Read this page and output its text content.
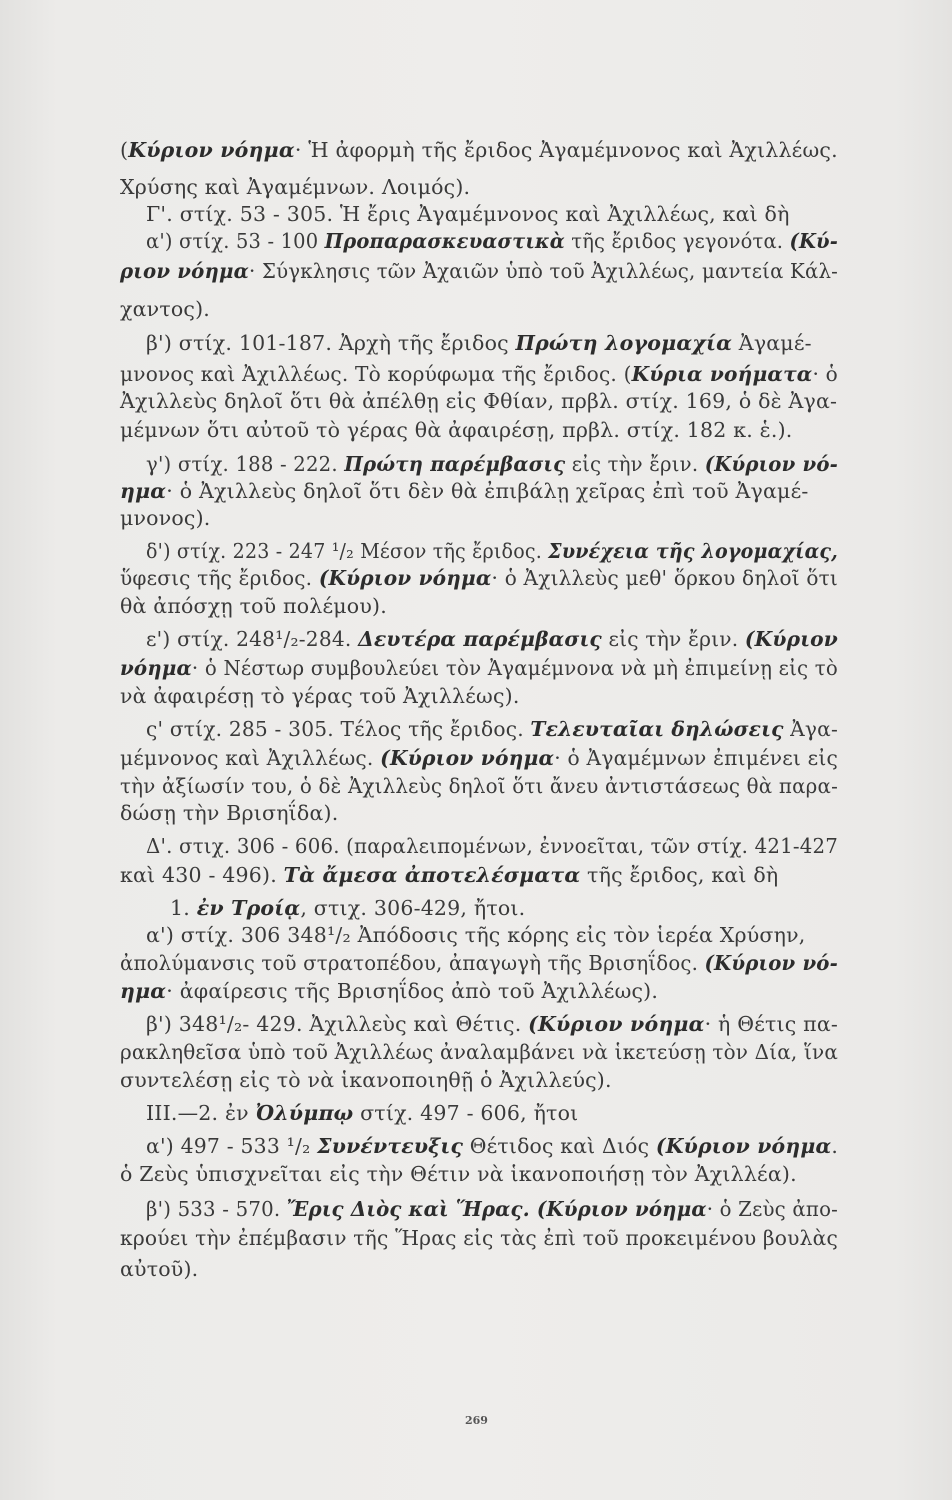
(Κύριον νόημα· Ἡ ἀφορμὴ τῆς ἔριδος Ἀγαμέμνονος καὶ Ἀχιλλέως.
Χρύσης καὶ Ἀγαμέμνων. Λοιμός).
Γ'. στίχ. 53 - 305. Ἡ ἔρις Ἀγαμέμνονος καὶ Ἀχιλλέως, καὶ δὴ
α') στίχ. 53 - 100 Προπαρασκευαστικὰ τῆς ἔριδος γεγονότα. (Κύ-
ριον νόημα· Σύγκλησις τῶν Ἀχαιῶν ὑπὸ τοῦ Ἀχιλλέως, μαντεία Κάλ-
χαντος).
β') στίχ. 101-187. Ἀρχὴ τῆς ἔριδος Πρώτη λογομαχία Ἀγαμέ-
μνονος καὶ Ἀχιλλέως. Τὸ κορύφωμα τῆς ἔριδος. (Κύρια νοήματα· ὁ
Ἀχιλλεὺς δηλοῖ ὅτι θὰ ἀπέλθῃ εἰς Φθίαν, πρβλ. στίχ. 169, ὁ δὲ Ἀγα-
μέμνων ὅτι αὐτοῦ τὸ γέρας θὰ ἀφαιρέσῃ, πρβλ. στίχ. 182 κ. ἑ.).
γ') στίχ. 188 - 222. Πρώτη παρέμβασις εἰς τὴν ἔριν. (Κύριον νό-
ημα· ὁ Ἀχιλλεὺς δηλοῖ ὅτι δὲν θὰ ἐπιβάλῃ χεῖρας ἐπὶ τοῦ Ἀγαμέ-
μνονος).
δ') στίχ. 223 - 247 ¹/₂ Μέσον τῆς ἔριδος. Συνέχεια τῆς λογομαχίας,
ὕφεσις τῆς ἔριδος. (Κύριον νόημα· ὁ Ἀχιλλεὺς μεθ' ὅρκου δηλοῖ ὅτι
θὰ ἀπόσχῃ τοῦ πολέμου).
ε') στίχ. 248¹/₂-284. Δευτέρα παρέμβασις εἰς τὴν ἔριν. (Κύριον
νόημα· ὁ Νέστωρ συμβουλεύει τὸν Ἀγαμέμνονα νὰ μὴ ἐπιμείνῃ εἰς τὸ
νὰ ἀφαιρέσῃ τὸ γέρας τοῦ Ἀχιλλέως).
ς' στίχ. 285 - 305. Τέλος τῆς ἔριδος. Τελευταῖαι δηλώσεις Ἀγα-
μέμνονος καὶ Ἀχιλλέως. (Κύριον νόημα· ὁ Ἀγαμέμνων ἐπιμένει εἰς
τὴν ἀξίωσίν του, ὁ δὲ Ἀχιλλεὺς δηλοῖ ὅτι ἄνευ ἀντιστάσεως θὰ παρα-
δώσῃ τὴν Βρισηΐδα).
Δ'. στιχ. 306 - 606. (παραλειπομένων, ἐννοεῖται, τῶν στίχ. 421-427
καὶ 430 - 496). Τὰ ἄμεσα ἀποτελέσματα τῆς ἔριδος, καὶ δὴ
1. ἐν Τροίᾳ, στιχ. 306-429, ἤτοι.
α') στίχ. 306 348¹/₂ Ἀπόδοσις τῆς κόρης εἰς τὸν ἱερέα Χρύσην,
ἀπολύμανσις τοῦ στρατοπέδου, ἀπαγωγὴ τῆς Βρισηΐδος. (Κύριον νό-
ημα· ἀφαίρεσις τῆς Βρισηΐδος ἀπὸ τοῦ Ἀχιλλέως).
β') 348¹/₂- 429. Ἀχιλλεὺς καὶ Θέτις. (Κύριον νόημα· ἡ Θέτις πα-
ρακληθεῖσα ὑπὸ τοῦ Ἀχιλλέως ἀναλαμβάνει νὰ ἱκετεύσῃ τὸν Δία, ἵνα
συντελέσῃ εἰς τὸ νὰ ἱκανοποιηθῇ ὁ Ἀχιλλεύς).
III.—2. ἐν Ὀλύμπῳ στίχ. 497 - 606, ἤτοι
α') 497 - 533 ¹/₂ Συνέντευξις Θέτιδος καὶ Διός (Κύριον νόημα.
ὁ Ζεὺς ὑπισχνεῖται εἰς τὴν Θέτιν νὰ ἱκανοποιήσῃ τὸν Ἀχιλλέα).
β') 533 - 570. Ἔρις Διὸς καὶ Ἥρας. (Κύριον νόημα· ὁ Ζεὺς ἀπο-
κρούει τὴν ἐπέμβασιν τῆς Ἥρας εἰς τὰς ἐπὶ τοῦ προκειμένου βουλὰς
αὐτοῦ).
269
